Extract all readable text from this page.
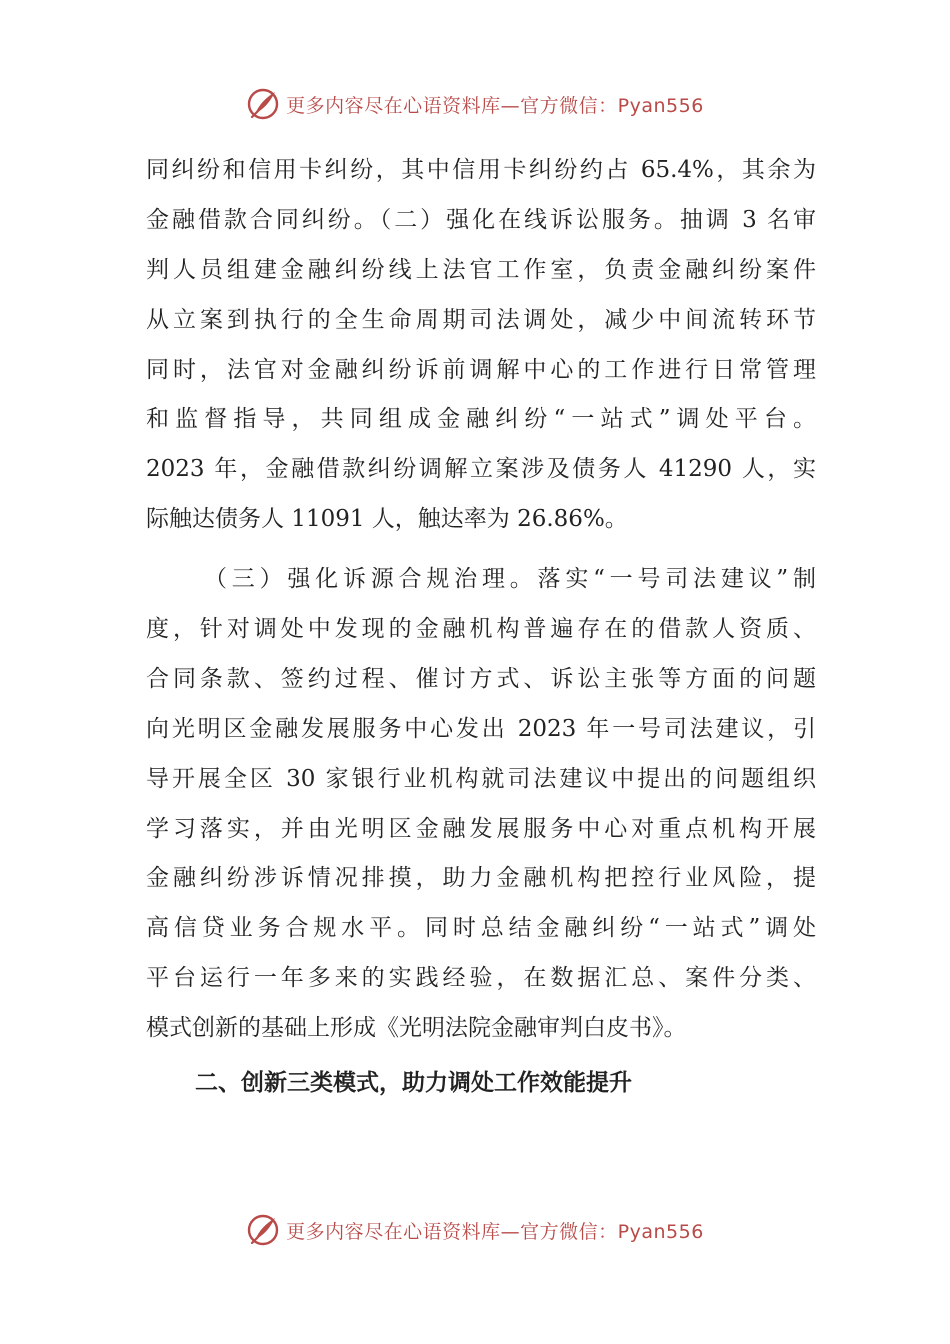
更多内容尽在心语资料库—官方微信：Pyan556
同纠纷和信用卡纠纷，其中信用卡纠纷约占 65.4%，其余为
金融借款合同纠纷。（二）强化在线诉讼服务。抽调 3 名审
判人员组建金融纠纷线上法官工作室，负责金融纠纷案件
从立案到执行的全生命周期司法调处，减少中间流转环节
同时，法官对金融纠纷诉前调解中心的工作进行日常管理
和监督指导，共同组成金融纠纷“一站式”调处平台。
2023 年，金融借款纠纷调解立案涉及债务人 41290 人，实
际触达债务人 11091 人，触达率为 26.86%。
（三）强化诉源合规治理。落实“一号司法建议”制
度，针对调处中发现的金融机构普遍存在的借款人资质、
合同条款、签约过程、催讨方式、诉讼主张等方面的问题
向光明区金融发展服务中心发出 2023 年一号司法建议，引
导开展全区 30 家银行业机构就司法建议中提出的问题组织
学习落实，并由光明区金融发展服务中心对重点机构开展
金融纠纷涉诉情况排摸，助力金融机构把控行业风险，提
高信贷业务合规水平。同时总结金融纠纷“一站式”调处
平台运行一年多来的实践经验，在数据汇总、案件分类、
模式创新的基础上形成《光明法院金融审判白皮书》。
二、创新三类模式，助力调处工作效能提升
更多内容尽在心语资料库—官方微信：Pyan556
